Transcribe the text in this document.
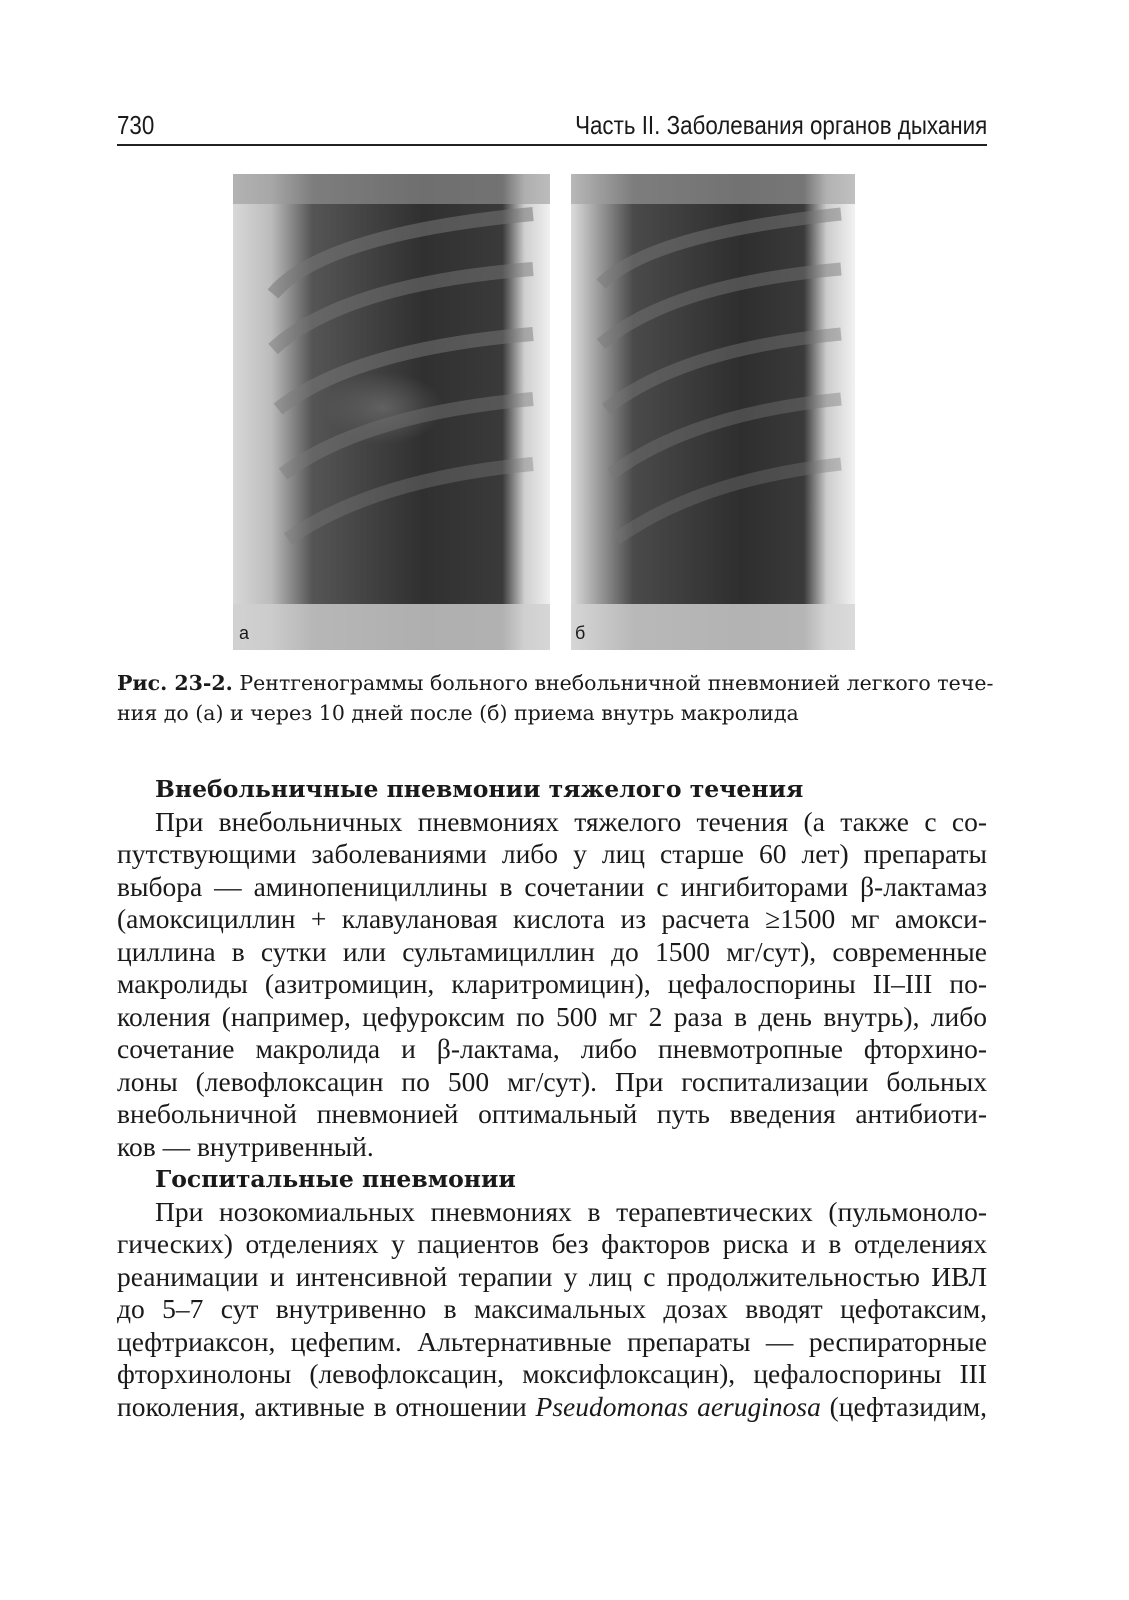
730	Часть II. Заболевания органов дыхания
а	б
Рис. 23-2. Рентгенограммы больного внебольничной пневмонией легкого тече-
ния до (а) и через 10 дней после (б) приема внутрь макролида
Внебольничные пневмонии тяжелого течения
При внебольничных пневмониях тяжелого течения (а также с со-
путствующими заболеваниями либо у лиц старше 60 лет) препараты
выбора — аминопенициллины в сочетании с ингибиторами β-лактамаз
(амоксициллин + клавулановая кислота из расчета ≥1500 мг амокси-
циллина в сутки или сультамициллин до 1500 мг/сут), современные
макролиды (азитромицин, кларитромицин), цефалоспорины II–III по-
коления (например, цефуроксим по 500 мг 2 раза в день внутрь), либо
сочетание макролида и β-лактама, либо пневмотропные фторхино-
лоны (левофлоксацин по 500 мг/сут). При госпитализации больных
внебольничной пневмонией оптимальный путь введения антибиоти-
ков — внутривенный.
Госпитальные пневмонии
При нозокомиальных пневмониях в терапевтических (пульмоноло-
гических) отделениях у пациентов без факторов риска и в отделениях
реанимации и интенсивной терапии у лиц с продолжительностью ИВЛ
до 5–7 сут внутривенно в максимальных дозах вводят цефотаксим,
цефтриаксон, цефепим. Альтернативные препараты — респираторные
фторхинолоны (левофлоксацин, моксифлоксацин), цефалоспорины III
поколения, активные в отношении Pseudomonas aeruginosa (цефтазидим,
